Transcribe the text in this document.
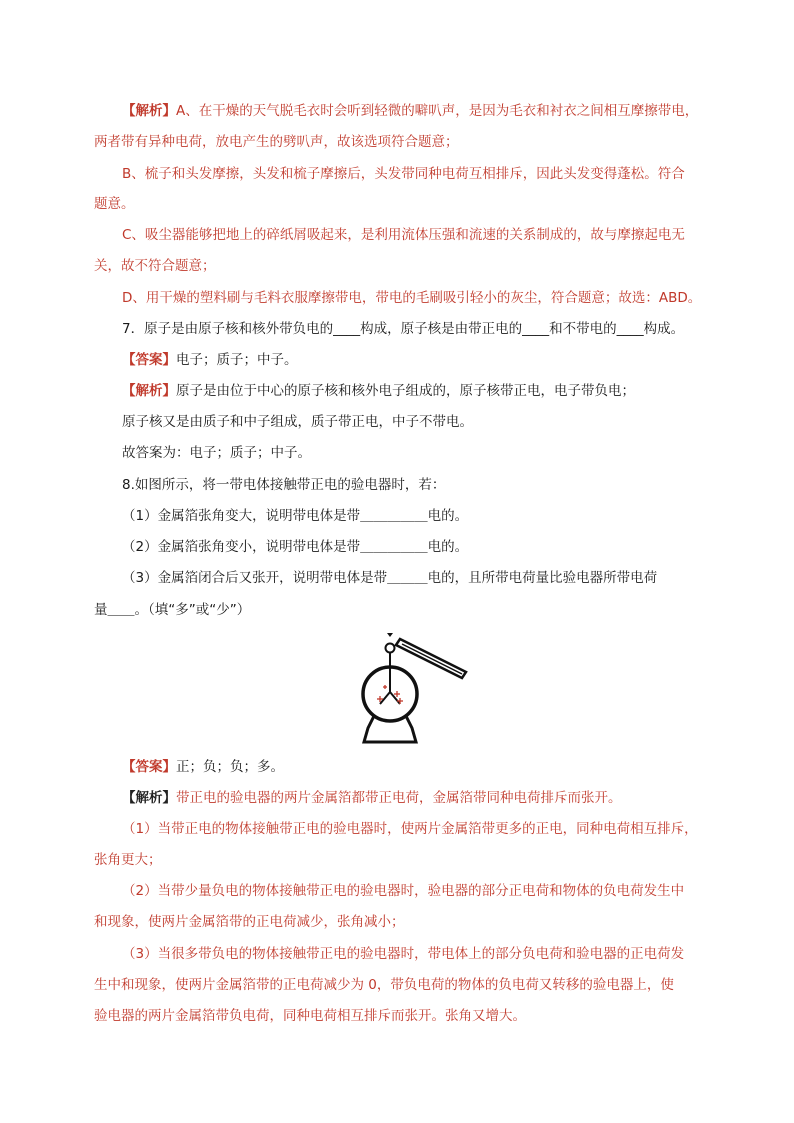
【解析】A、在干燥的天气脱毛衣时会听到轻微的噼叭声，是因为毛衣和衬衣之间相互摩擦带电，
两者带有异种电荷，放电产生的劈叭声，故该选项符合题意；
B、梳子和头发摩擦，头发和梳子摩擦后，头发带同种电荷互相排斥，因此头发变得蓬松。符合
题意。
C、吸尘器能够把地上的碎纸屑吸起来，是利用流体压强和流速的关系制成的，故与摩擦起电无
关，故不符合题意；
D、用干燥的塑料刷与毛料衣服摩擦带电，带电的毛刷吸引轻小的灰尘，符合题意；故选：ABD。
7．原子是由原子核和核外带负电的____构成，原子核是由带正电的____和不带电的____构成。
【答案】电子；质子；中子。
【解析】原子是由位于中心的原子核和核外电子组成的，原子核带正电，电子带负电；
原子核又是由质子和中子组成，质子带正电，中子不带电。
故答案为：电子；质子；中子。
8.如图所示，将一带电体接触带正电的验电器时，若：
（1）金属箔张角变大，说明带电体是带＿＿＿＿＿电的。
（2）金属箔张角变小，说明带电体是带＿＿＿＿＿电的。
（3）金属箔闭合后又张开，说明带电体是带＿＿＿电的，且所带电荷量比验电器所带电荷
量＿＿。（填“多”或“少”）
【答案】正；负；负；多。
【解析】带正电的验电器的两片金属箔都带正电荷，金属箔带同种电荷排斥而张开。
（1）当带正电的物体接触带正电的验电器时，使两片金属箔带更多的正电，同种电荷相互排斥，
张角更大；
（2）当带少量负电的物体接触带正电的验电器时，验电器的部分正电荷和物体的负电荷发生中
和现象，使两片金属箔带的正电荷减少，张角减小；
（3）当很多带负电的物体接触带正电的验电器时，带电体上的部分负电荷和验电器的正电荷发
生中和现象，使两片金属箔带的正电荷减少为 0，带负电荷的物体的负电荷又转移的验电器上，使
验电器的两片金属箔带负电荷，同种电荷相互排斥而张开。张角又增大。
